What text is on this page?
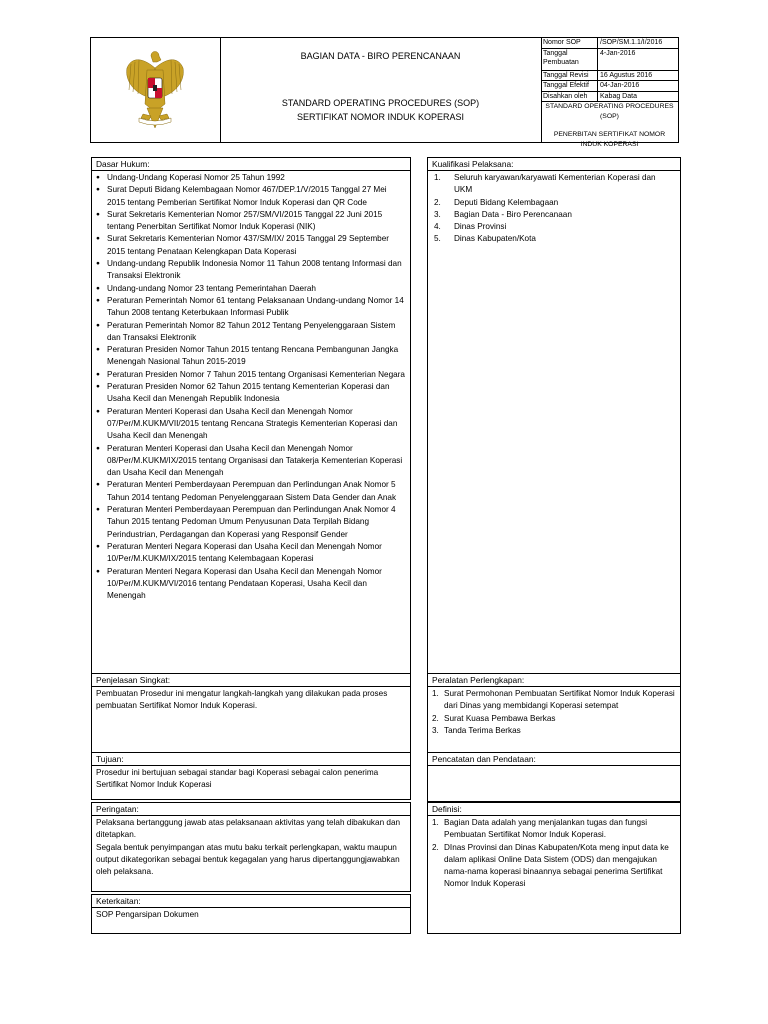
BAGIAN DATA - BIRO PERENCANAAN
STANDARD OPERATING PROCEDURES (SOP)
SERTIFIKAT NOMOR INDUK KOPERASI
Nomor SOP	/SOP/SM.1.1/I/2016
Tanggal Pembuatan	4-Jan-2016
Tanggal Revisi	16 Agustus 2016
Tanggal Efektif	04-Jan-2016
Disahkan oleh	Kabag Data
STANDARD OPERATING PROCEDURES (SOP)
PENERBITAN SERTIFIKAT NOMOR INDUK KOPERASI
Dasar Hukum:
● Undang-Undang Koperasi Nomor 25 Tahun 1992
● Surat Deputi Bidang Kelembagaan Nomor 467/DEP.1/V/2015 Tanggal 27 Mei 2015 tentang Pemberian Sertifikat Nomor Induk Koperasi dan QR Code
● Surat Sekretaris Kementerian Nomor 257/SM/VI/2015 Tanggal 22 Juni 2015 tentang Penerbitan Sertifikat Nomor Induk Koperasi (NIK)
● Surat Sekretaris Kementerian Nomor 437/SM/IX/ 2015 Tanggal 29 September 2015 tentang Penataan Kelengkapan Data Koperasi
● Undang-undang Republik Indonesia Nomor 11 Tahun 2008 tentang Informasi dan Transaksi Elektronik
● Undang-undang Nomor 23 tentang Pemerintahan Daerah
● Peraturan Pemerintah Nomor 61 tentang Pelaksanaan Undang-undang Nomor 14 Tahun 2008 tentang Keterbukaan Informasi Publik
● Peraturan Pemerintah Nomor 82 Tahun 2012 Tentang Penyelenggaraan Sistem dan Transaksi Elektronik
● Peraturan Presiden Nomor Tahun 2015 tentang Rencana Pembangunan Jangka Menengah Nasional Tahun 2015-2019
● Peraturan Presiden Nomor 7 Tahun 2015 tentang Organisasi Kementerian Negara
● Peraturan Presiden Nomor 62 Tahun 2015 tentang Kementerian Koperasi dan Usaha Kecil dan Menengah Republik Indonesia
● Peraturan Menteri Koperasi dan Usaha Kecil dan Menengah Nomor 07/Per/M.KUKM/VII/2015 tentang Rencana Strategis Kementerian Koperasi dan Usaha Kecil dan Menengah
● Peraturan Menteri Koperasi dan Usaha Kecil dan Menengah Nomor 08/Per/M.KUKM/IX/2015 tentang Organisasi dan Tatakerja Kementerian Koperasi dan Usaha Kecil dan Menengah
● Peraturan Menteri Pemberdayaan Perempuan dan Perlindungan Anak Nomor 5 Tahun 2014 tentang Pedoman Penyelenggaraan Sistem Data Gender dan Anak
● Peraturan Menteri Pemberdayaan Perempuan dan Perlindungan Anak Nomor 4 Tahun 2015 tentang Pedoman Umum Penyusunan Data Terpilah Bidang Perindustrian, Perdagangan dan Koperasi yang Responsif Gender
● Peraturan Menteri Negara Koperasi dan Usaha Kecil dan Menengah Nomor 10/Per/M.KUKM/IX/2015 tentang Kelembagaan Koperasi
● Peraturan Menteri Negara Koperasi dan Usaha Kecil dan Menengah Nomor 10/Per/M.KUKM/VI/2016 tentang Pendataan Koperasi, Usaha Kecil dan Menengah
Penjelasan Singkat:

Pembuatan Prosedur ini mengatur langkah-langkah yang dilakukan pada proses pembuatan Sertifikat Nomor Induk Koperasi.

Tujuan:

Prosedur ini bertujuan sebagai standar bagi Koperasi sebagai calon penerima Sertifikat Nomor Induk Koperasi

Peringatan:

Pelaksana bertanggung jawab atas pelaksanaan aktivitas yang telah dibakukan dan ditetapkan.

Segala bentuk penyimpangan atas mutu baku terkait perlengkapan, waktu maupun output dikategorikan sebagai bentuk kegagalan yang harus dipertanggungjawabkan oleh pelaksana.

Keterkaitan:

SOP Pengarsipan Dokumen

Kualifikasi Pelaksana:
1. Seluruh karyawan/karyawati Kementerian Koperasi dan UKM
2. Deputi Bidang Kelembagaan
3. Bagian Data - Biro Perencanaan
4. Dinas Provinsi
5. Dinas Kabupaten/Kota
Peralatan Perlengkapan:
1. Surat Permohonan Pembuatan Sertifikat Nomor Induk Koperasi dari Dinas yang membidangi Koperasi setempat
2. Surat Kuasa Pembawa Berkas
3. Tanda Terima Berkas
Pencatatan dan Pendataan:
Definisi:
1. Bagian Data adalah yang menjalankan tugas dan fungsi Pembuatan Sertifikat Nomor Induk Koperasi.
2. DInas Provinsi dan Dinas Kabupaten/Kota meng input data ke dalam aplikasi Online Data Sistem (ODS) dan mengajukan nama-nama koperasi binaannya sebagai penerima Sertifikat Nomor Induk Koperasi
